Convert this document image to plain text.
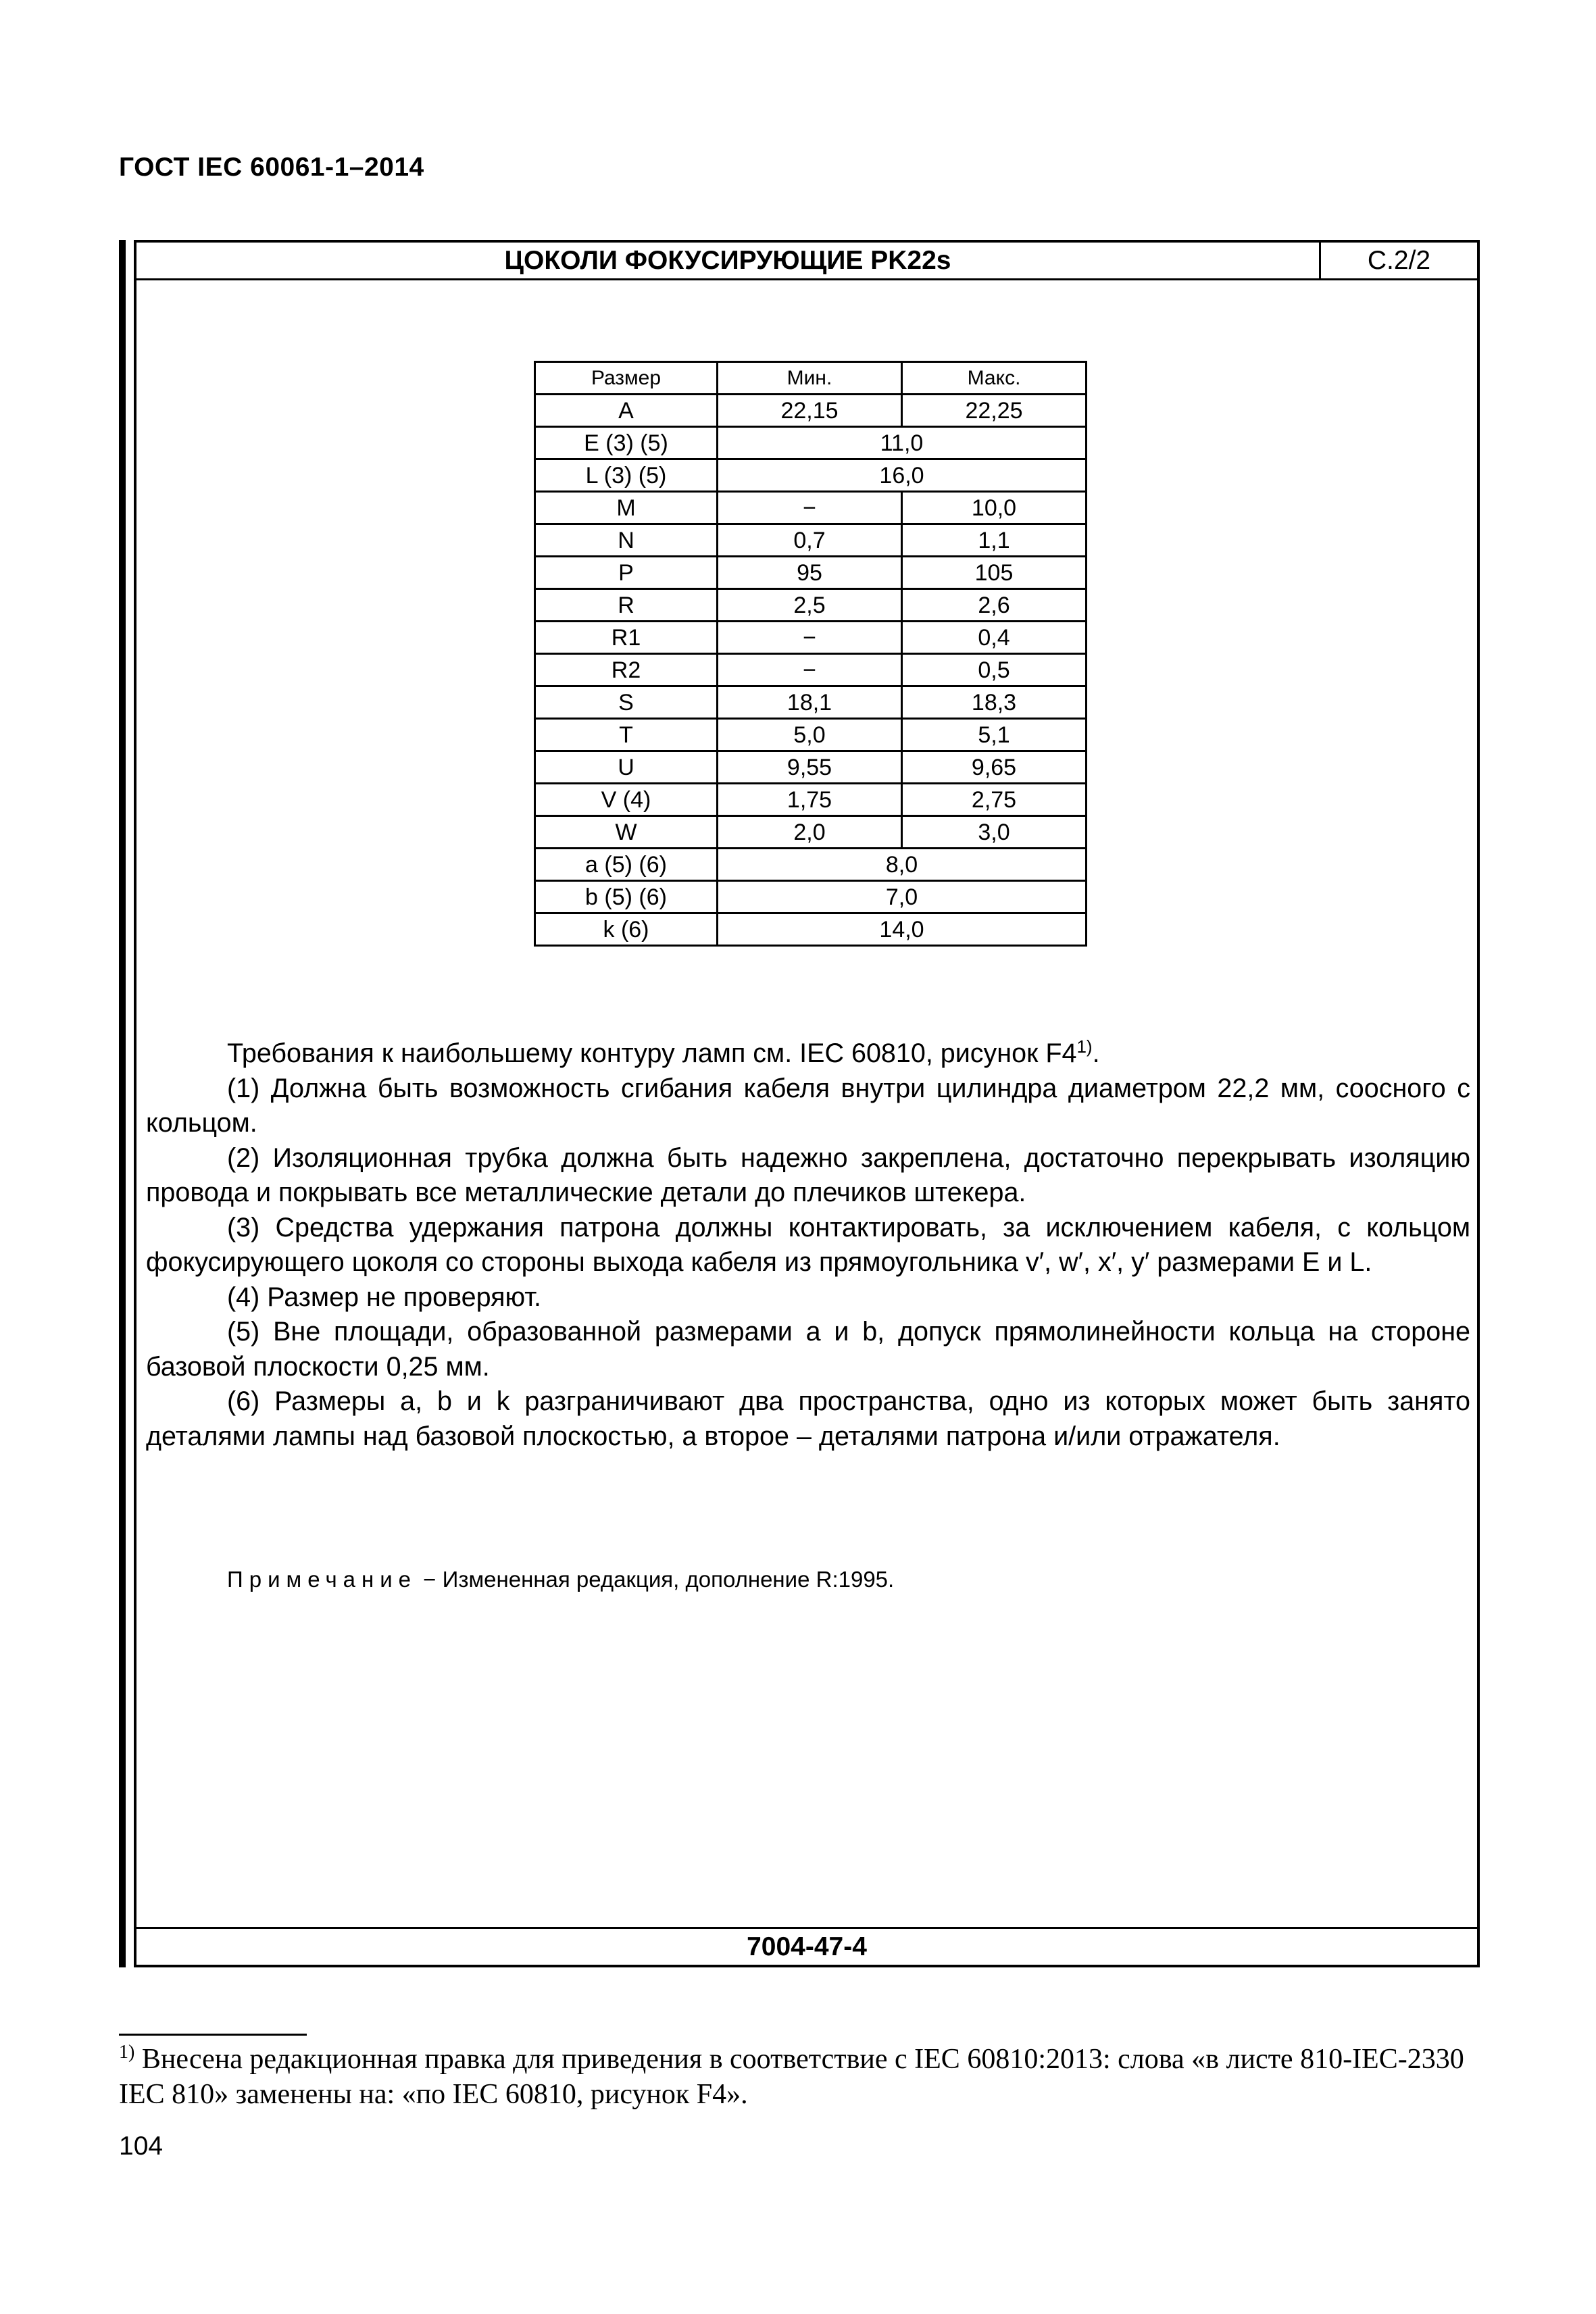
ГОСТ IEC 60061-1–2014
ЦОКОЛИ ФОКУСИРУЮЩИЕ PK22s	C.2/2
Размер	Мин.	Макс.
A	22,15	22,25
E (3) (5)	11,0	
L (3) (5)	16,0	
M	−	10,0
N	0,7	1,1
P	95	105
R	2,5	2,6
R1	−	0,4
R2	−	0,5
S	18,1	18,3
T	5,0	5,1
U	9,55	9,65
V (4)	1,75	2,75
W	2,0	3,0
a (5) (6)	8,0	
b (5) (6)	7,0	
k (6)	14,0	

Требования к наибольшему контуру ламп см. IEC 60810, рисунок F4$^{1)}$.

(1) Должна быть возможность сгибания кабеля внутри цилиндра диаметром 22,2 мм, соосного с кольцом.

(2) Изоляционная трубка должна быть надежно закреплена, достаточно перекрывать изоляцию провода и покрывать все металлические детали до плечиков штекера.

(3) Средства удержания патрона должны контактировать, за исключением кабеля, с кольцом фокусирующего цоколя со стороны выхода кабеля из прямоугольника v′, w′, x′, y′ размерами E и L.

(4) Размер не проверяют.

(5) Вне площади, образованной размерами a и b, допуск прямолинейности кольца на стороне базовой плоскости 0,25 мм.

(6) Размеры a, b и k разграничивают два пространства, одно из которых может быть занято деталями лампы над базовой плоскостью, а второе – деталями патрона и/или отражателя.

Примечание − Измененная редакция, дополнение R:1995.
7004-47-4
$^{1)}$ Внесена редакционная правка для приведения в соответствие с IEC 60810:2013: слова «в листе 810-IEC-2330 IEC 810» заменены на: «по IEC 60810, рисунок F4».
104
